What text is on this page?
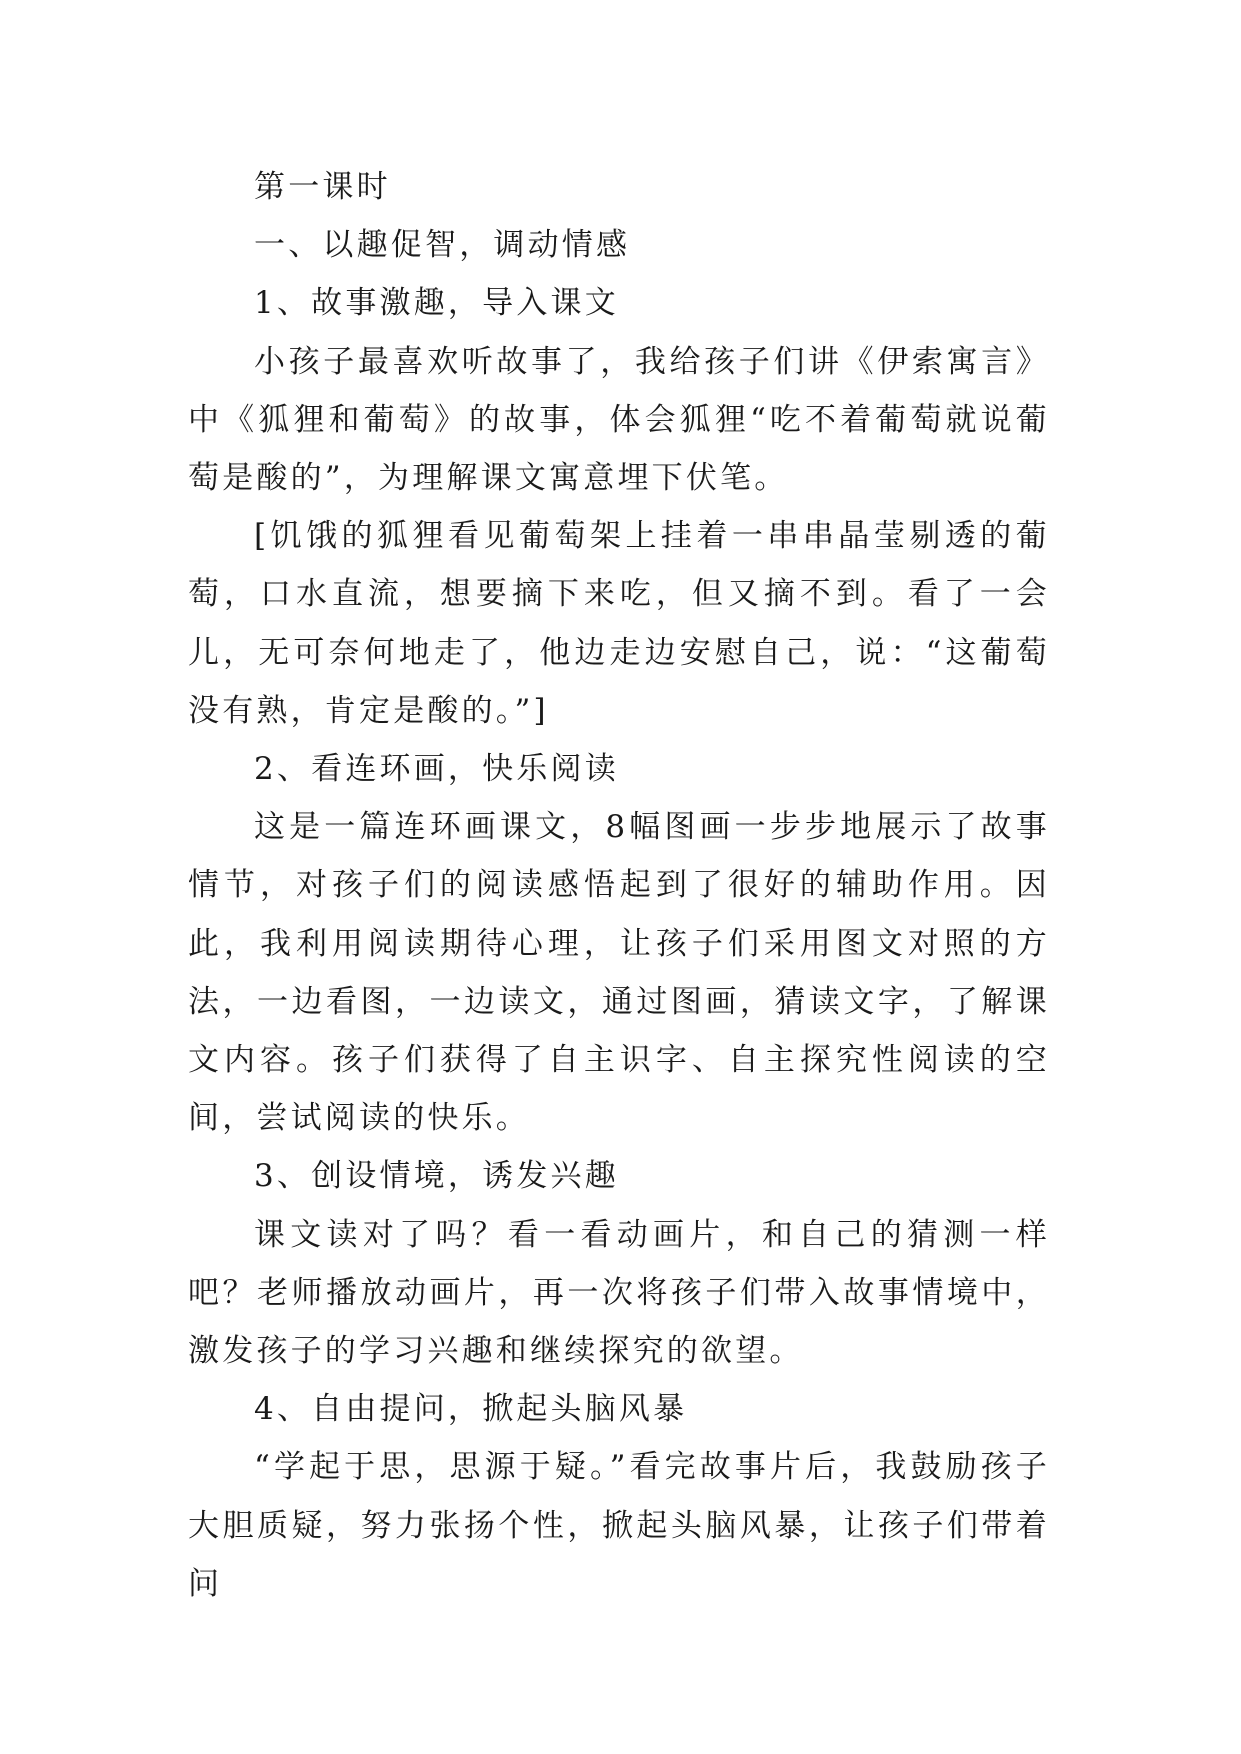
第一课时

一、以趣促智，调动情感

1、故事激趣，导入课文

小孩子最喜欢听故事了，我给孩子们讲《伊索寓言》中《狐狸和葡萄》的故事，体会狐狸“吃不着葡萄就说葡萄是酸的”，为理解课文寓意埋下伏笔。

[饥饿的狐狸看见葡萄架上挂着一串串晶莹剔透的葡萄，口水直流，想要摘下来吃，但又摘不到。看了一会儿，无可奈何地走了，他边走边安慰自己，说：“这葡萄没有熟，肯定是酸的。”]

2、看连环画，快乐阅读

这是一篇连环画课文，8幅图画一步步地展示了故事情节，对孩子们的阅读感悟起到了很好的辅助作用。因此，我利用阅读期待心理，让孩子们采用图文对照的方法，一边看图，一边读文，通过图画，猜读文字，了解课文内容。孩子们获得了自主识字、自主探究性阅读的空间，尝试阅读的快乐。

3、创设情境，诱发兴趣

课文读对了吗？看一看动画片，和自己的猜测一样吧？老师播放动画片，再一次将孩子们带入故事情境中，激发孩子的学习兴趣和继续探究的欲望。

4、自由提问，掀起头脑风暴

“学起于思，思源于疑。”看完故事片后，我鼓励孩子大胆质疑，努力张扬个性，掀起头脑风暴，让孩子们带着问
